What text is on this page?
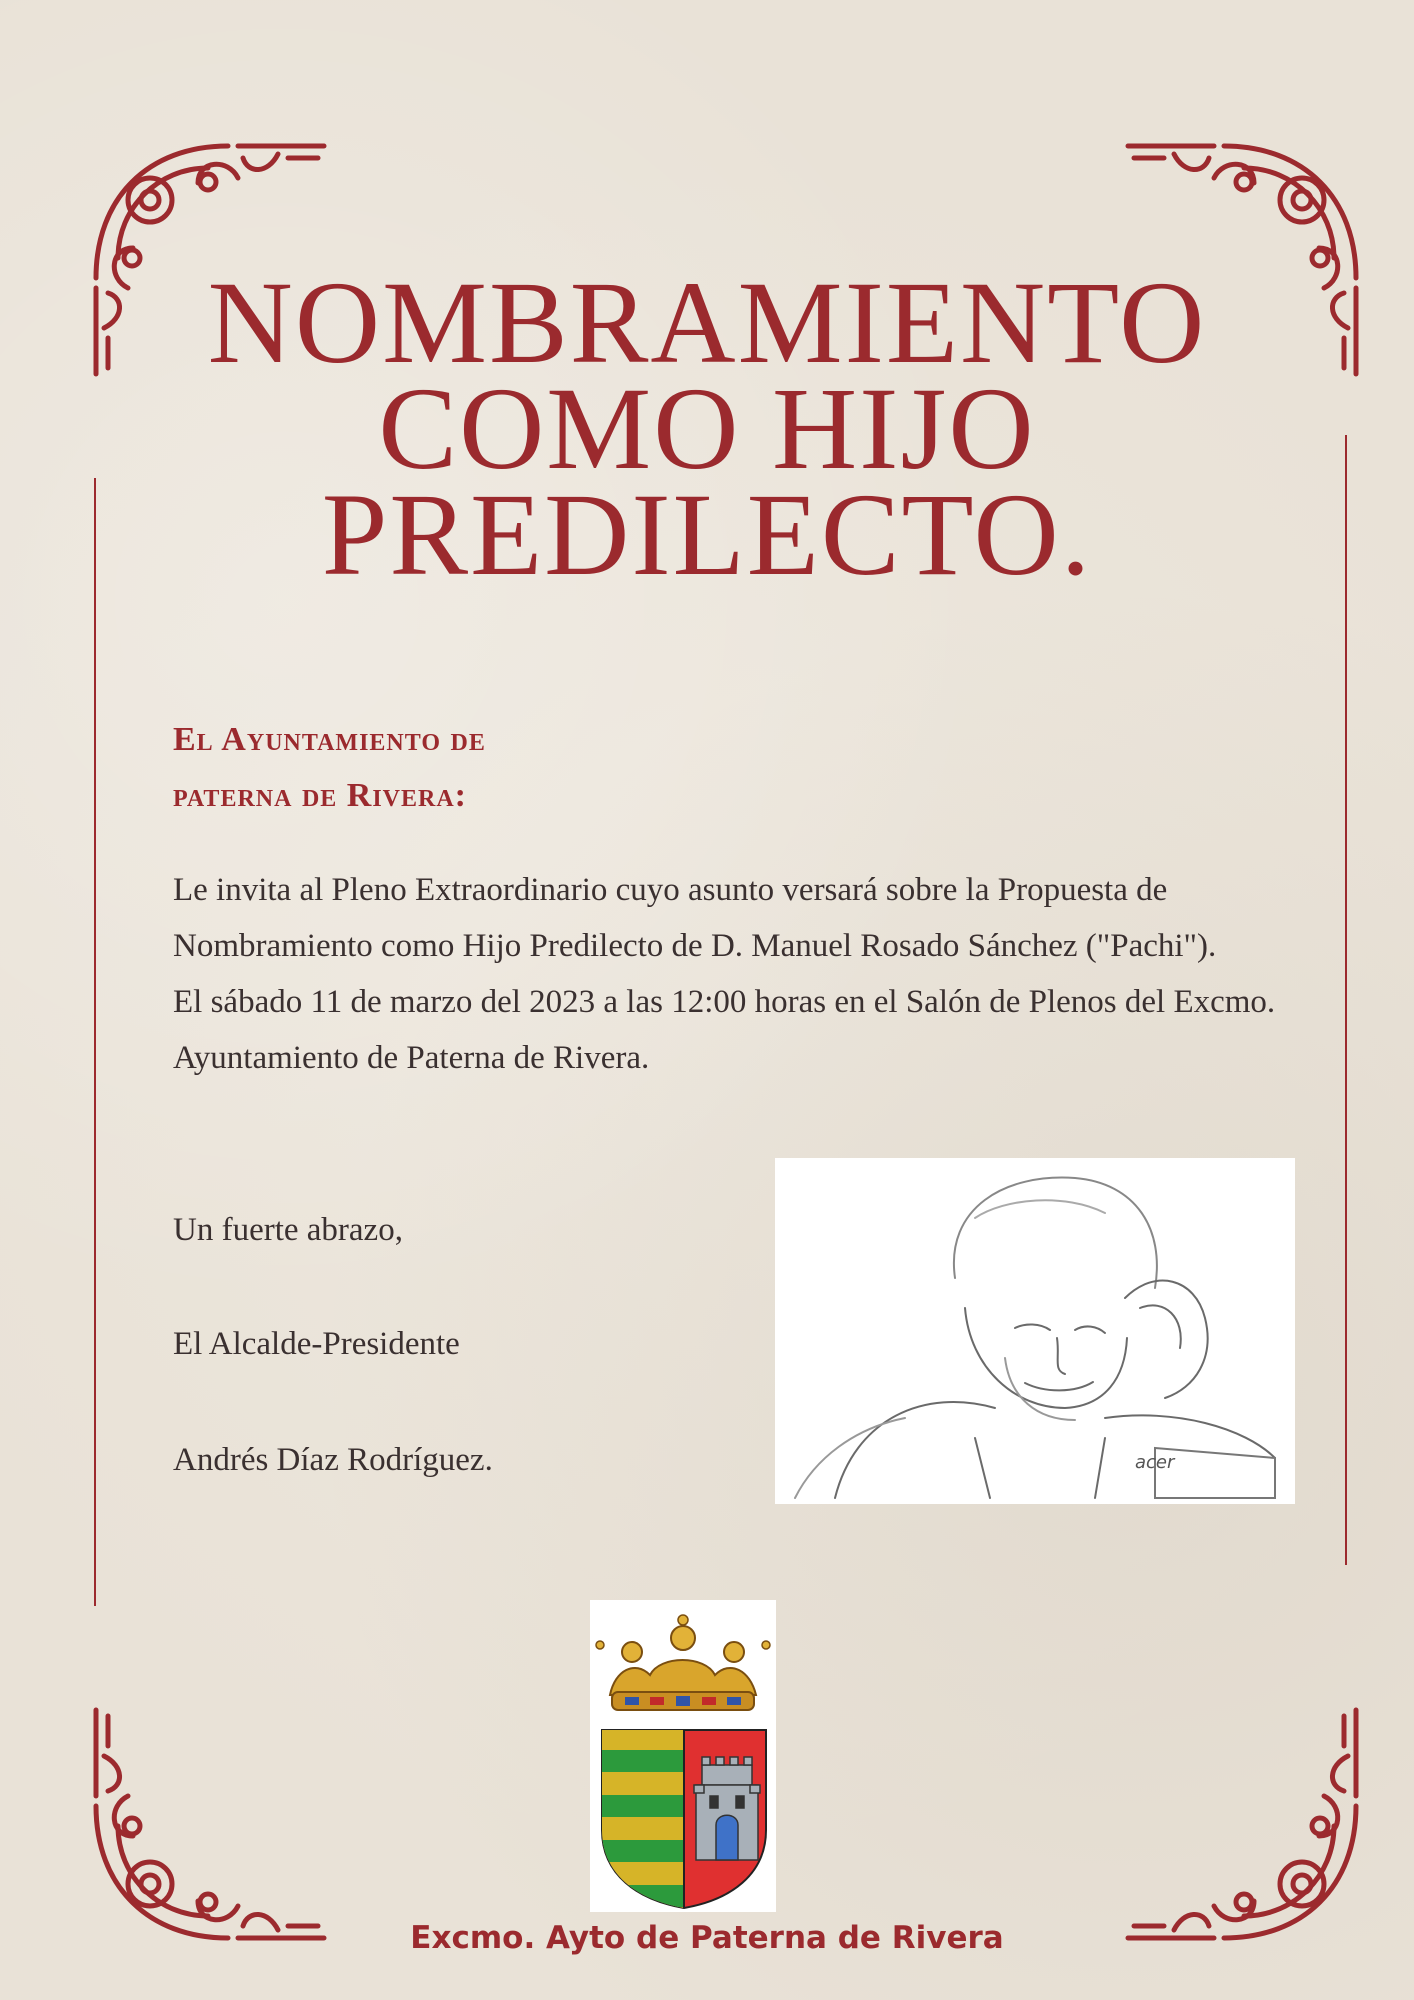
NOMBRAMIENTO
COMO HIJO
PREDILECTO.
El Ayuntamiento de
paterna de Rivera:

Le invita al Pleno Extraordinario cuyo asunto versará sobre la Propuesta de Nombramiento como Hijo Predilecto de D. Manuel Rosado Sánchez ("Pachi").

El sábado 11 de marzo del 2023 a las 12:00 horas en el Salón de Plenos del Excmo. Ayuntamiento de Paterna de Rivera.

Un fuerte abrazo,
El Alcalde-Presidente
Andrés Díaz Rodríguez.	acer
Excmo. Ayto de Paterna de Rivera
